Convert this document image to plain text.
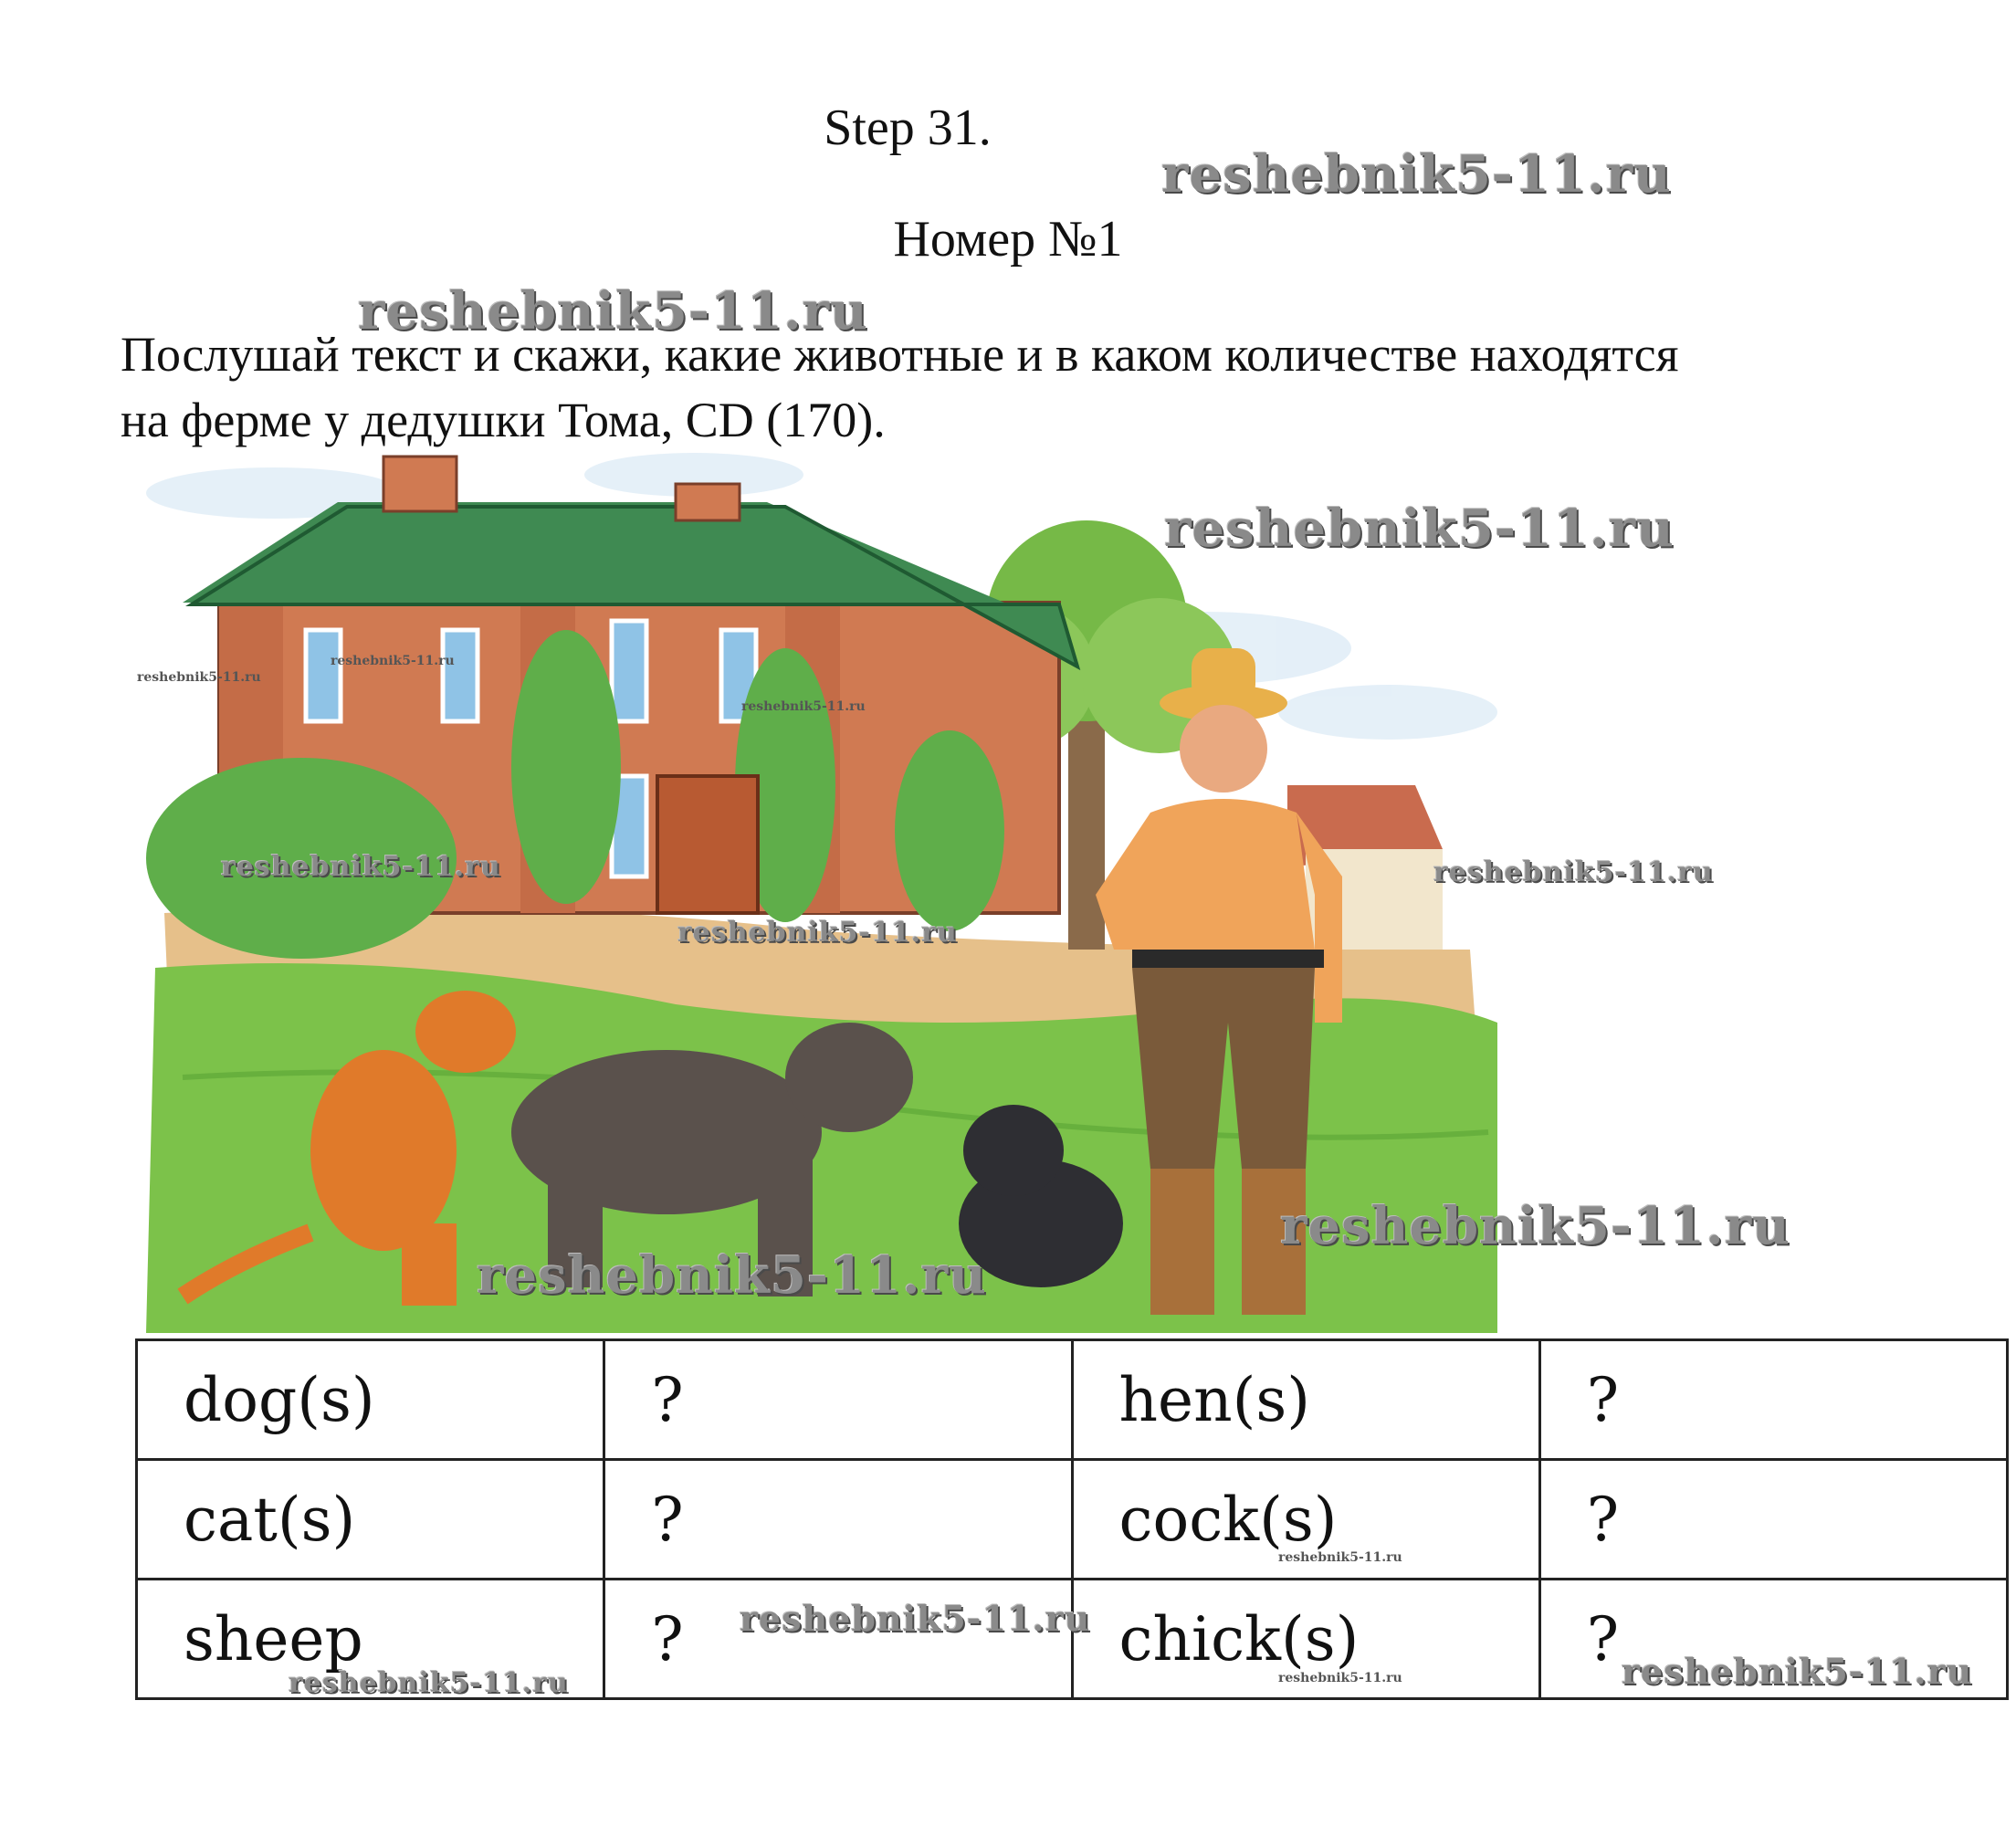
Step 31.
reshebnik5-11.ru
Номер №1
reshebnik5-11.ru
Послушай текст и скажи, какие животные и в каком количестве находятся
на ферме у дедушки Тома, CD (170).
reshebnik5-11.ru
reshebnik5-11.ru
reshebnik5-11.ru
reshebnik5-11.ru
reshebnik5-11.ru
reshebnik5-11.ru
reshebnik5-11.ru
reshebnik5-11.ru
reshebnik5-11.ru
dog(s)	?	hen(s)	?
cat(s)	?	cock(s)	?
sheep	?	chick(s)	?
reshebnik5-11.ru
reshebnik5-11.ru
reshebnik5-11.ru	reshebnik5-11.ru	reshebnik5-11.ru
